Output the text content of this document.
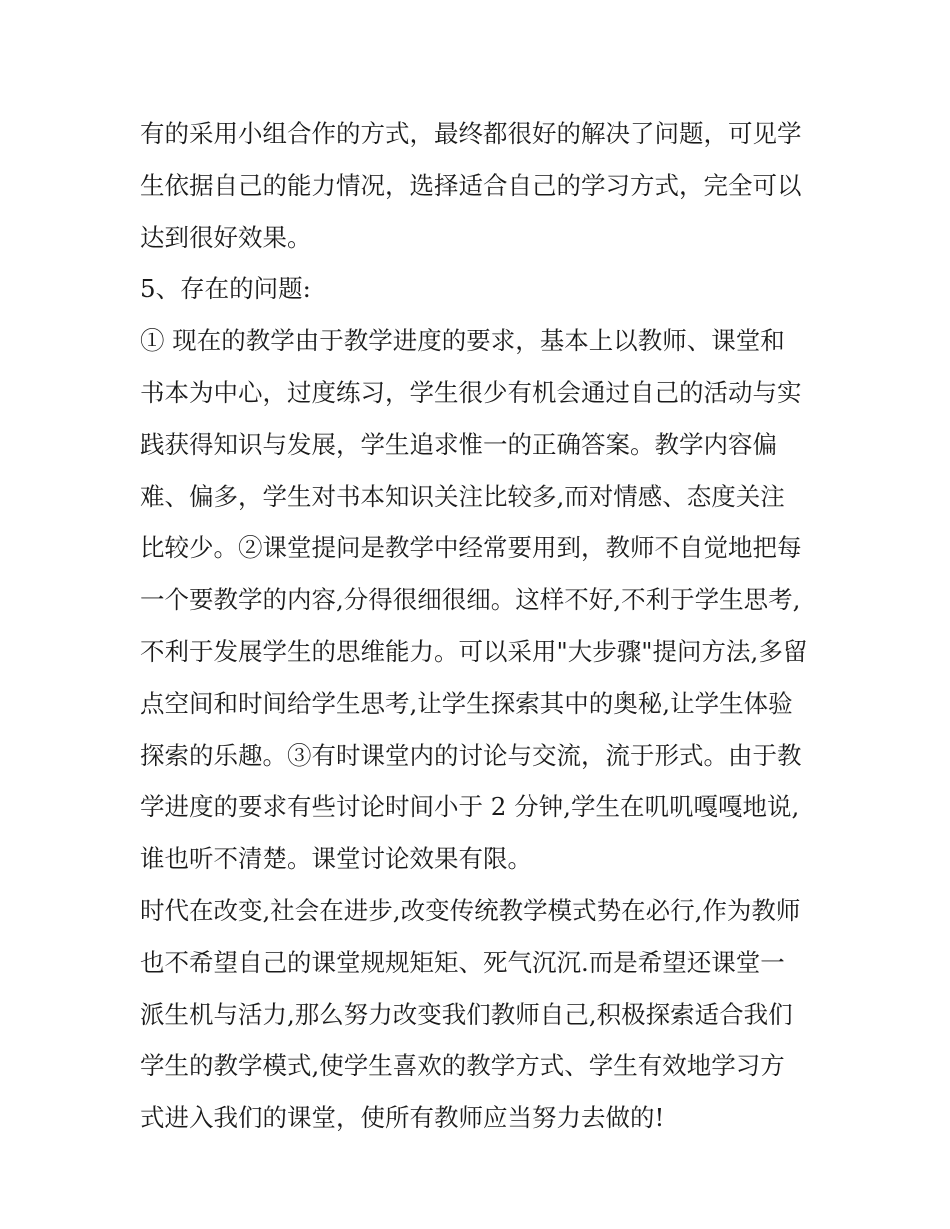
有的采用小组合作的方式，最终都很好的解决了问题，可见学
生依据自己的能力情况，选择适合自己的学习方式，完全可以
达到很好效果。
5、存在的问题:
① 现在的教学由于教学进度的要求，基本上以教师、课堂和
书本为中心，过度练习，学生很少有机会通过自己的活动与实
践获得知识与发展，学生追求惟一的正确答案。教学内容偏
难、偏多，学生对书本知识关注比较多,而对情感、态度关注
比较少。②课堂提问是教学中经常要用到，教师不自觉地把每
一个要教学的内容,分得很细很细。这样不好,不利于学生思考,
不利于发展学生的思维能力。可以采用"大步骤"提问方法,多留
点空间和时间给学生思考,让学生探索其中的奥秘,让学生体验
探索的乐趣。③有时课堂内的讨论与交流，流于形式。由于教
学进度的要求有些讨论时间小于 2 分钟,学生在叽叽嘎嘎地说,
谁也听不清楚。课堂讨论效果有限。
时代在改变,社会在进步,改变传统教学模式势在必行,作为教师
也不希望自己的课堂规规矩矩、死气沉沉.而是希望还课堂一
派生机与活力,那么努力改变我们教师自己,积极探索适合我们
学生的教学模式,使学生喜欢的教学方式、学生有效地学习方
式进入我们的课堂，使所有教师应当努力去做的!
